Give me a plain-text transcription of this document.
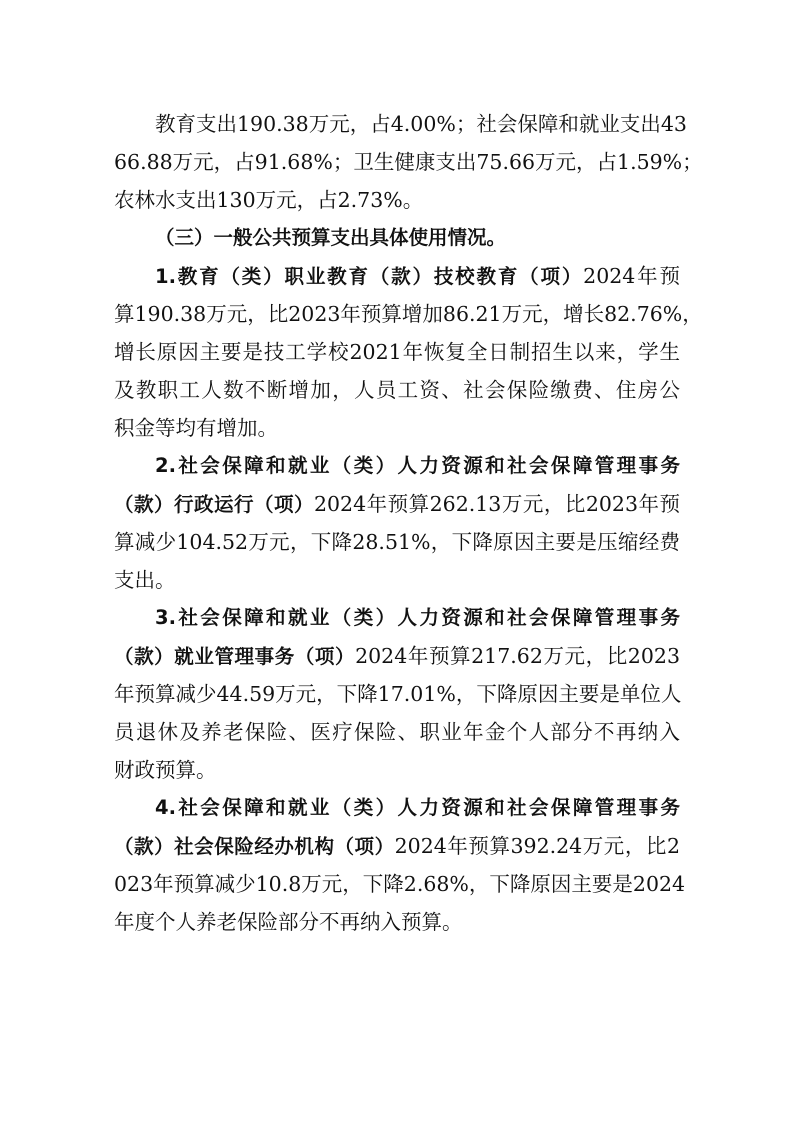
教育支出190.38万元，占4.00%；社会保障和就业支出43
66.88万元，占91.68%；卫生健康支出75.66万元，占1.59%；
农林水支出130万元，占2.73%。
（三）一般公共预算支出具体使用情况。
1.教育（类）职业教育（款）技校教育（项）2024年预
算190.38万元，比2023年预算增加86.21万元，增长82.76%，
增长原因主要是技工学校2021年恢复全日制招生以来，学生
及教职工人数不断增加，人员工资、社会保险缴费、住房公
积金等均有增加。
2.社会保障和就业（类）人力资源和社会保障管理事务
（款）行政运行（项）2024年预算262.13万元，比2023年预
算减少104.52万元，下降28.51%，下降原因主要是压缩经费
支出。
3.社会保障和就业（类）人力资源和社会保障管理事务
（款）就业管理事务（项）2024年预算217.62万元，比2023
年预算减少44.59万元，下降17.01%，下降原因主要是单位人
员退休及养老保险、医疗保险、职业年金个人部分不再纳入
财政预算。
4.社会保障和就业（类）人力资源和社会保障管理事务
（款）社会保险经办机构（项）2024年预算392.24万元，比2
023年预算减少10.8万元，下降2.68%，下降原因主要是2024
年度个人养老保险部分不再纳入预算。
